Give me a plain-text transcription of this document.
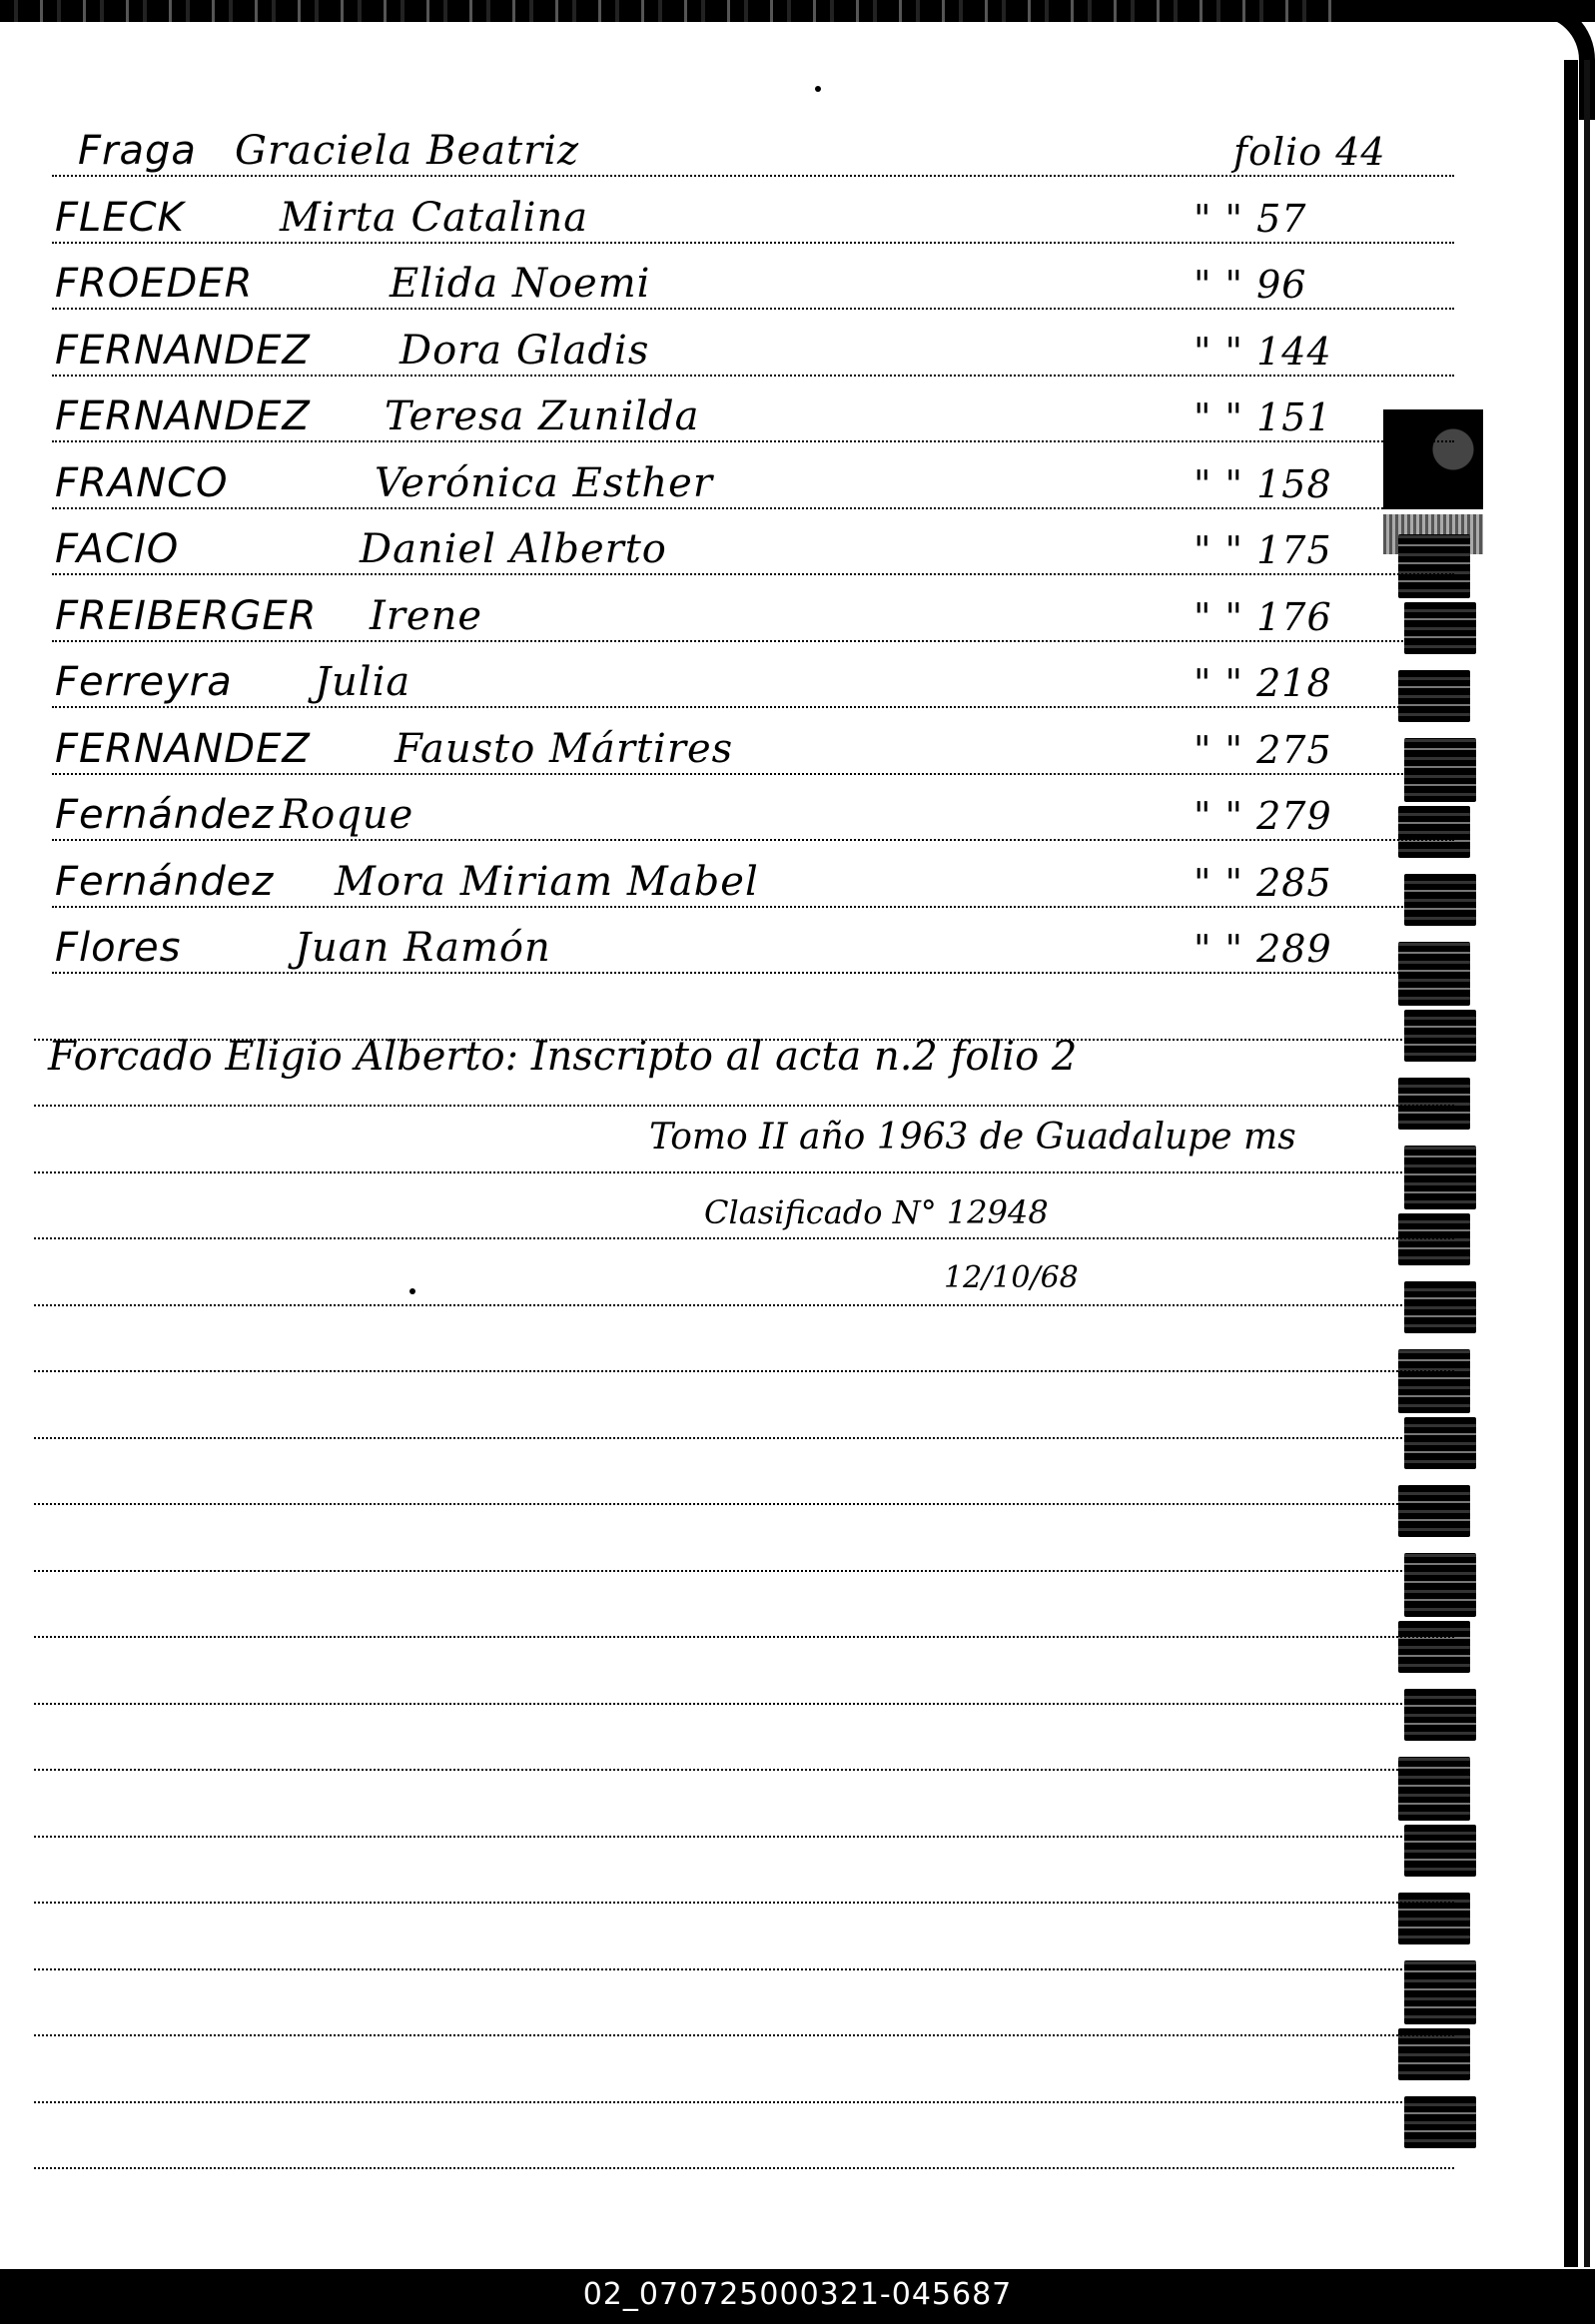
Fraga Graciela Beatriz	folio 44
FLECK Mirta Catalina	" " 57
FROEDER	Elida Noemi	" " 96
FERNANDEZ Dora Gladis	" " 144
FERNANDEZ Teresa Zunilda	" " 151
FRANCO	Verónica Esther	" " 158
FACIO	Daniel Alberto	" " 175
FREIBERGER Irene	" " 176
Ferreyra Julia	" " 218
FERNANDEZ Fausto Mártires	" " 275
Fernández Roque	" " 279
Fernández Mora Miriam Mabel	" " 285
Flores	Juan Ramón	" " 289
Forcado Eligio Alberto: Inscripto al acta n.2 folio 2
Tomo II año 1963 de Guadalupe ms
Clasificado N° 12948
12/10/68
02_070725000321-045687
